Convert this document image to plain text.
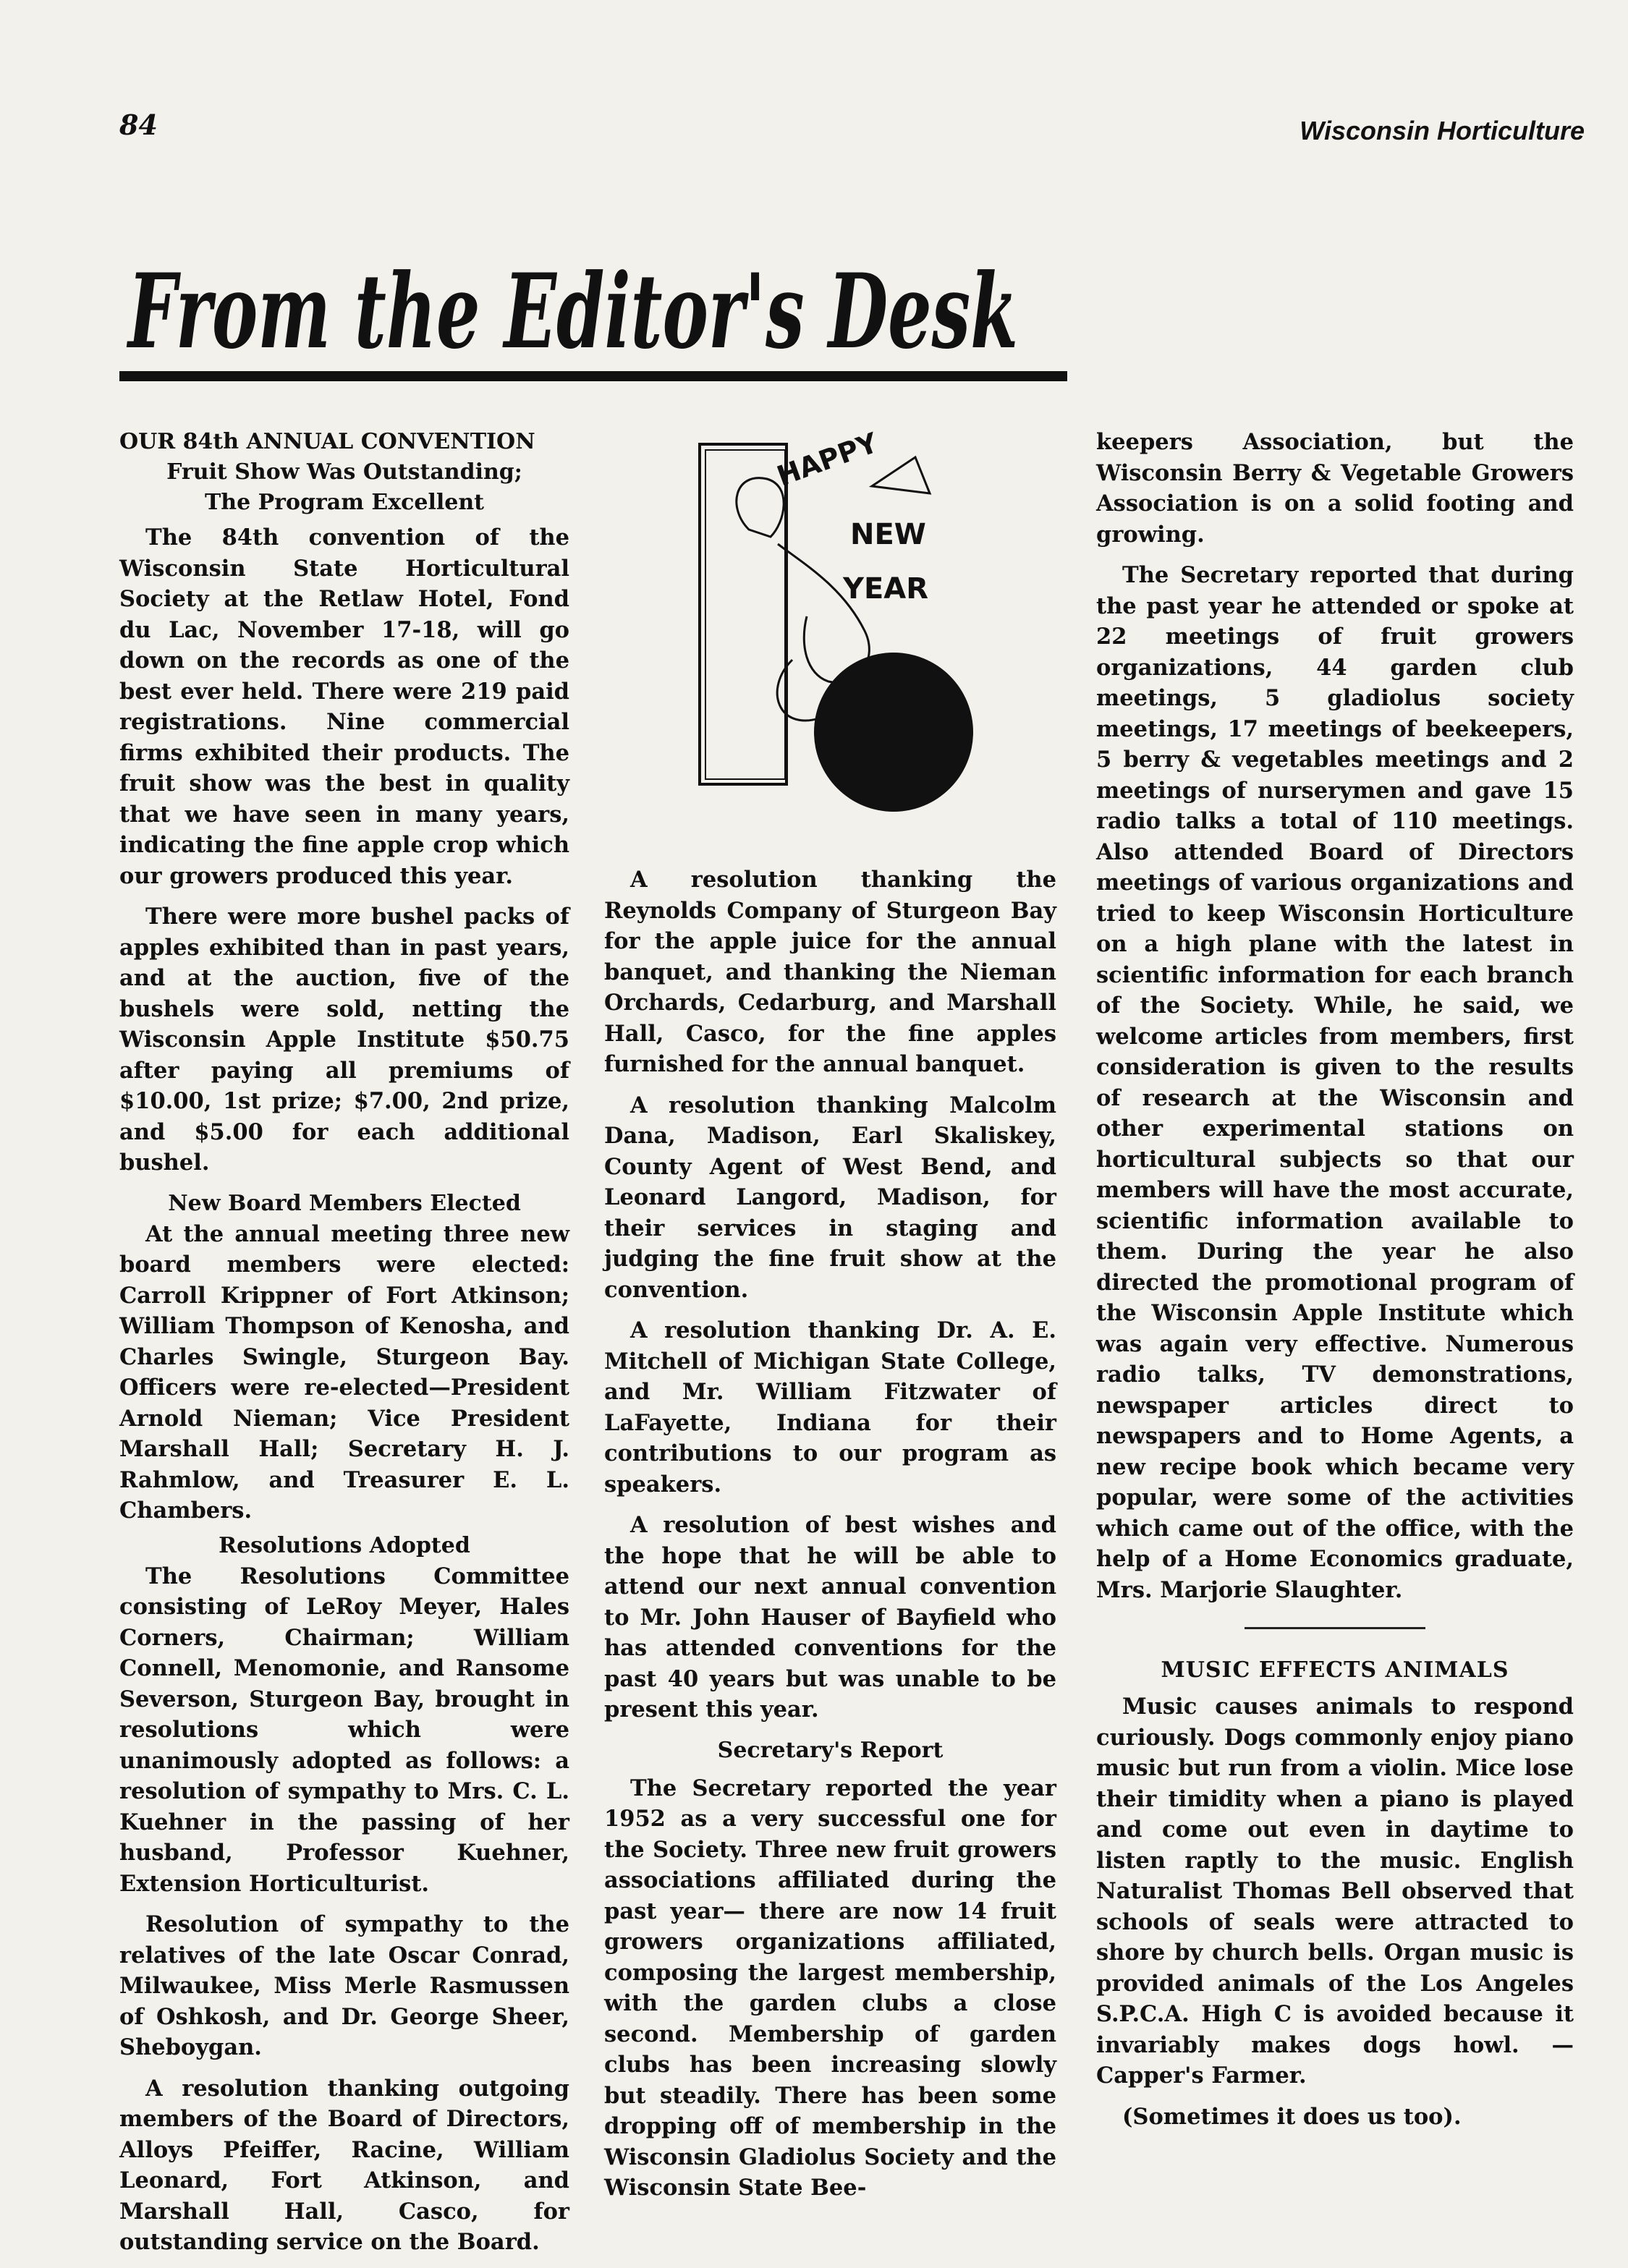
84	Wisconsin Horticulture
From the Editor's Desk
OUR 84th ANNUAL CONVENTION
Fruit Show Was Outstanding;
The Program Excellent

The 84th convention of the Wisconsin State Horticultural Society at the Retlaw Hotel, Fond du Lac, November 17-18, will go down on the records as one of the best ever held. There were 219 paid registrations. Nine commercial firms exhibited their products. The fruit show was the best in quality that we have seen in many years, indicating the fine apple crop which our growers produced this year.

There were more bushel packs of apples exhibited than in past years, and at the auction, five of the bushels were sold, netting the Wisconsin Apple Institute $50.75 after paying all premiums of $10.00, 1st prize; $7.00, 2nd prize, and $5.00 for each additional bushel.

New Board Members Elected

At the annual meeting three new board members were elected: Carroll Krippner of Fort Atkinson; William Thompson of Kenosha, and Charles Swingle, Sturgeon Bay. Officers were re-elected—President Arnold Nieman; Vice President Marshall Hall; Secretary H. J. Rahmlow, and Treasurer E. L. Chambers.

Resolutions Adopted

The Resolutions Committee consisting of LeRoy Meyer, Hales Corners, Chairman; William Connell, Menomonie, and Ransome Severson, Sturgeon Bay, brought in resolutions which were unanimously adopted as follows: a resolution of sympathy to Mrs. C. L. Kuehner in the passing of her husband, Professor Kuehner, Extension Horticulturist.

Resolution of sympathy to the relatives of the late Oscar Conrad, Milwaukee, Miss Merle Rasmussen of Oshkosh, and Dr. George Sheer, Sheboygan.

A resolution thanking outgoing members of the Board of Directors, Alloys Pfeiffer, Racine, William Leonard, Fort Atkinson, and Marshall Hall, Casco, for outstanding service on the Board.

HAPPY
NEW
YEAR

A resolution thanking the Reynolds Company of Sturgeon Bay for the apple juice for the annual banquet, and thanking the Nieman Orchards, Cedarburg, and Marshall Hall, Casco, for the fine apples furnished for the annual banquet.

A resolution thanking Malcolm Dana, Madison, Earl Skaliskey, County Agent of West Bend, and Leonard Langord, Madison, for their services in staging and judging the fine fruit show at the convention.

A resolution thanking Dr. A. E. Mitchell of Michigan State College, and Mr. William Fitzwater of LaFayette, Indiana for their contributions to our program as speakers.

A resolution of best wishes and the hope that he will be able to attend our next annual convention to Mr. John Hauser of Bayfield who has attended conventions for the past 40 years but was unable to be present this year.

Secretary's Report

The Secretary reported the year 1952 as a very successful one for the Society. Three new fruit growers associations affiliated during the past year— there are now 14 fruit growers organizations affiliated, composing the largest membership, with the garden clubs a close second. Membership of garden clubs has been increasing slowly but steadily. There has been some dropping off of membership in the Wisconsin Gladiolus Society and the Wisconsin State Bee-

keepers Association, but the Wisconsin Berry & Vegetable Growers Association is on a solid footing and growing.

The Secretary reported that during the past year he attended or spoke at 22 meetings of fruit growers organizations, 44 garden club meetings, 5 gladiolus society meetings, 17 meetings of beekeepers, 5 berry & vegetables meetings and 2 meetings of nurserymen and gave 15 radio talks a total of 110 meetings. Also attended Board of Directors meetings of various organizations and tried to keep Wisconsin Horticulture on a high plane with the latest in scientific information for each branch of the Society. While, he said, we welcome articles from members, first consideration is given to the results of research at the Wisconsin and other experimental stations on horticultural subjects so that our members will have the most accurate, scientific information available to them. During the year he also directed the promotional program of the Wisconsin Apple Institute which was again very effective. Numerous radio talks, TV demonstrations, newspaper articles direct to newspapers and to Home Agents, a new recipe book which became very popular, were some of the activities which came out of the office, with the help of a Home Economics graduate, Mrs. Marjorie Slaughter.

MUSIC EFFECTS ANIMALS

Music causes animals to respond curiously. Dogs commonly enjoy piano music but run from a violin. Mice lose their timidity when a piano is played and come out even in daytime to listen raptly to the music. English Naturalist Thomas Bell observed that schools of seals were attracted to shore by church bells. Organ music is provided animals of the Los Angeles S.P.C.A. High C is avoided because it invariably makes dogs howl. — Capper's Farmer.

(Sometimes it does us too).
